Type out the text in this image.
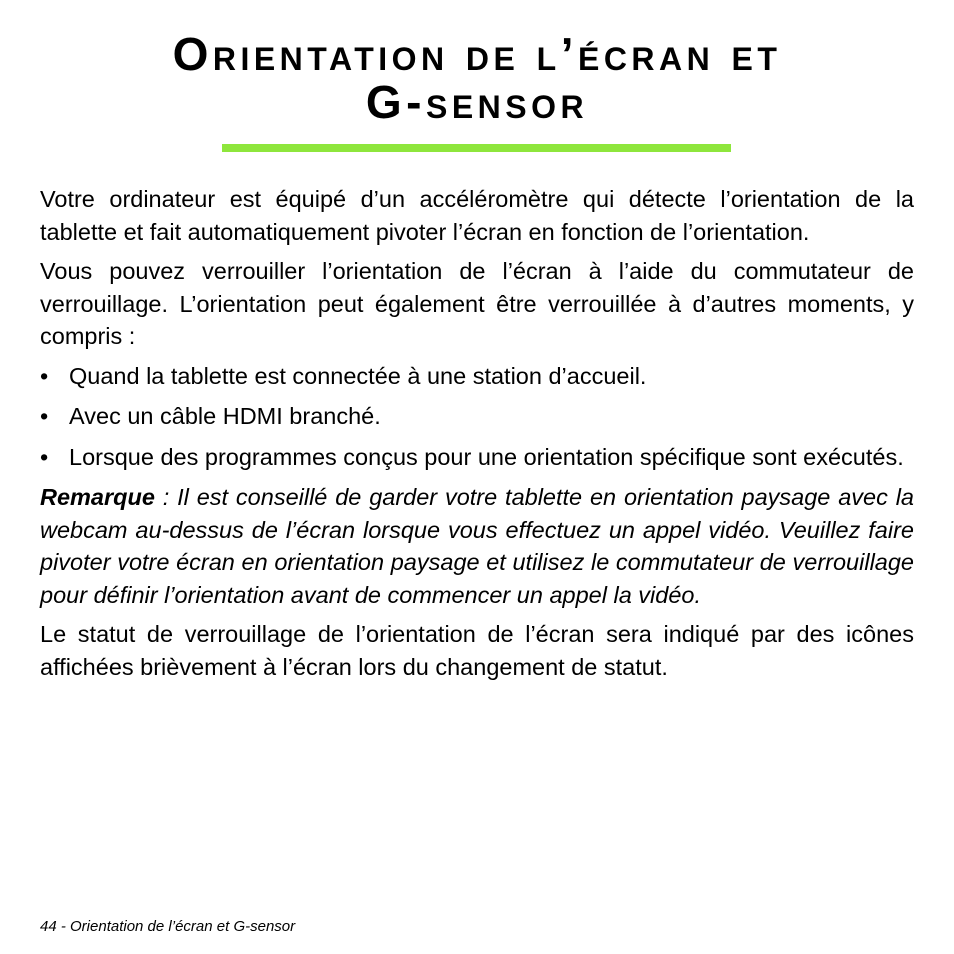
Orientation de l’écran et
G-sensor

Votre ordinateur est équipé d’un accéléromètre qui détecte l’orientation de la tablette et fait automatiquement pivoter l’écran en fonction de l’orientation.

Vous pouvez verrouiller l’orientation de l’écran à l’aide du commutateur de verrouillage. L’orientation peut également être verrouillée à d’autres moments, y compris :

• Quand la tablette est connectée à une station d’accueil.
• Avec un câble HDMI branché.
• Lorsque des programmes conçus pour une orientation spécifique sont exécutés.

Remarque : Il est conseillé de garder votre tablette en orientation paysage avec la webcam au-dessus de l’écran lorsque vous effectuez un appel vidéo. Veuillez faire pivoter votre écran en orientation paysage et utilisez le commutateur de verrouillage pour définir l’orientation avant de commencer un appel la vidéo.

Le statut de verrouillage de l’orientation de l’écran sera indiqué par des icônes affichées brièvement à l’écran lors du changement de statut.

44 - Orientation de l’écran et G-sensor
